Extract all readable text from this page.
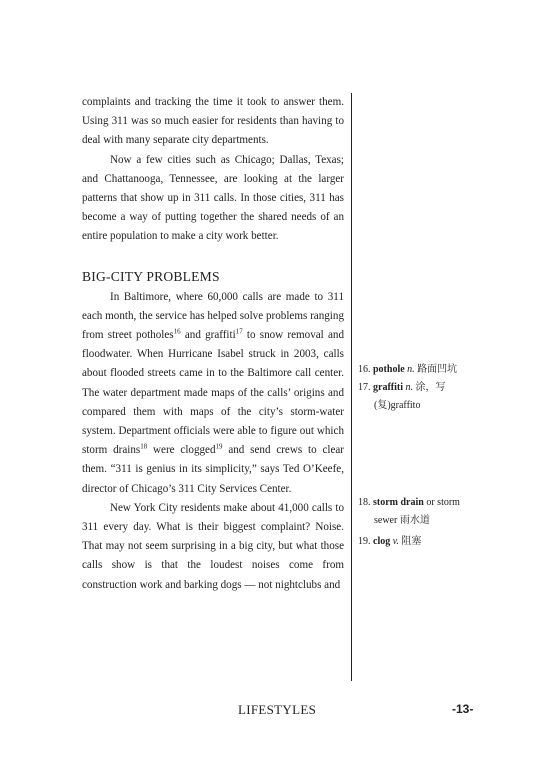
complaints and tracking the time it took to answer them. Using 311 was so much easier for residents than having to deal with many separate city departments.

Now a few cities such as Chicago; Dallas, Texas; and Chattanooga, Tennessee, are looking at the larger patterns that show up in 311 calls. In those cities, 311 has become a way of putting together the shared needs of an entire population to make a city work better.

BIG-CITY PROBLEMS

In Baltimore, where 60,000 calls are made to 311 each month, the service has helped solve problems ranging from street potholes$^{16}$ and graffiti$^{17}$ to snow removal and floodwater. When Hurricane Isabel struck in 2003, calls about flooded streets came in to the Baltimore call center. The water department made maps of the calls’ origins and compared them with maps of the city’s storm-water system. Department officials were able to figure out which storm drains$^{18}$ were clogged$^{19}$ and send crews to clear them. “311 is genius in its simplicity,” says Ted O’Keefe, director of Chicago’s 311 City Services Center.

New York City residents make about 41,000 calls to 311 every day. What is their biggest complaint? Noise. That may not seem surprising in a big city, but what those calls show is that the loudest noises come from construction work and barking dogs — not nightclubs and

16. pothole n. 路面凹坑
17. graffiti n. 涂，写
(复)graffito
18. storm drain or storm
sewer 雨水道
19. clog v. 阻塞
LIFESTYLES	-13-
